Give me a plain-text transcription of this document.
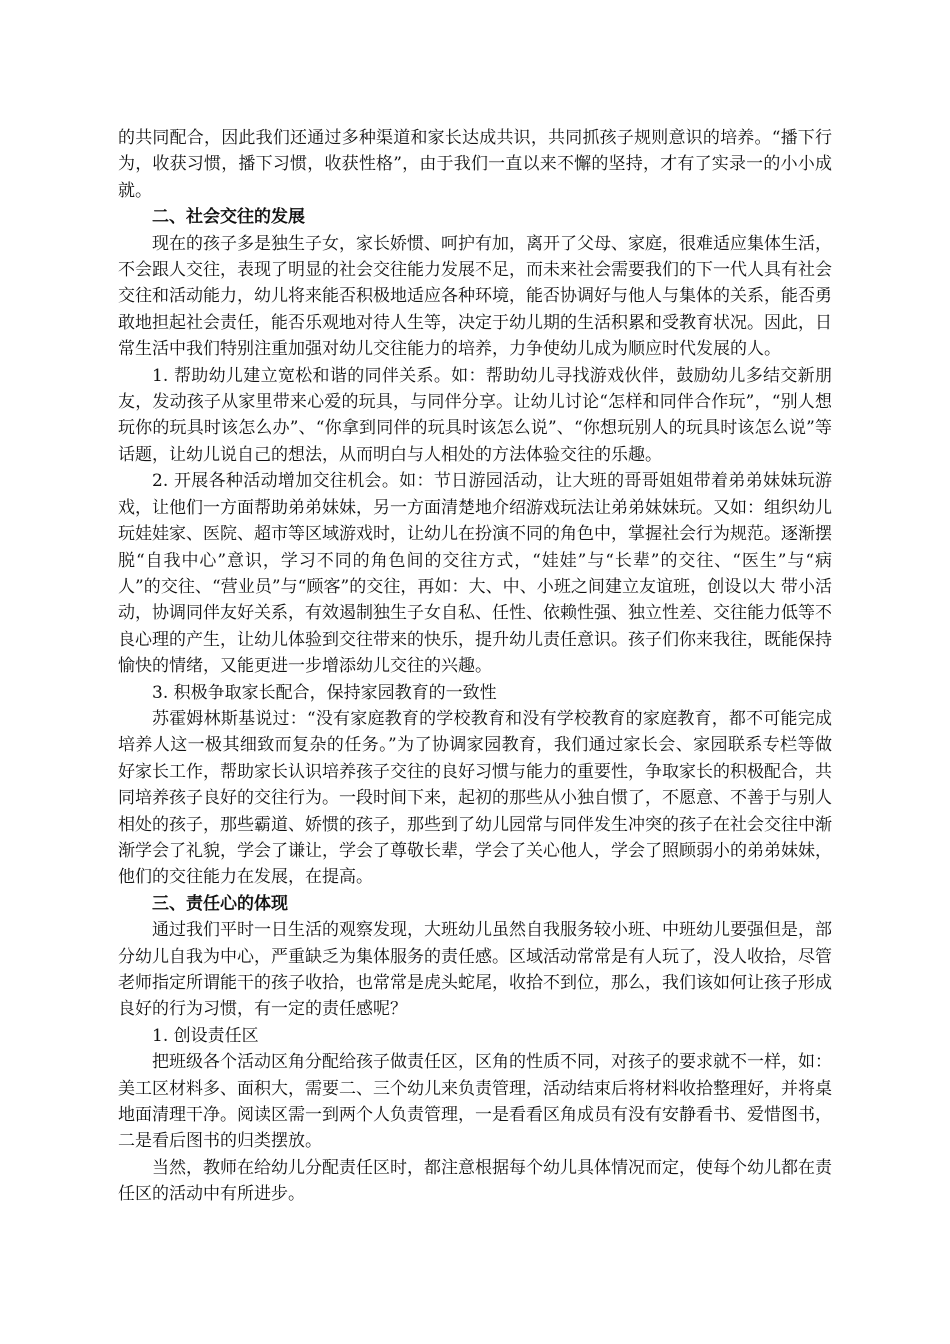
的共同配合，因此我们还通过多种渠道和家长达成共识，共同抓孩子规则意识的培养。“播下行为，收获习惯，播下习惯，收获性格”，由于我们一直以来不懈的坚持，才有了实录一的小小成就。

二、社会交往的发展

现在的孩子多是独生子女，家长娇惯、呵护有加，离开了父母、家庭，很难适应集体生活，不会跟人交往，表现了明显的社会交往能力发展不足，而未来社会需要我们的下一代人具有社会交往和活动能力，幼儿将来能否积极地适应各种环境，能否协调好与他人与集体的关系，能否勇敢地担起社会责任，能否乐观地对待人生等，决定于幼儿期的生活积累和受教育状况。因此，日常生活中我们特别注重加强对幼儿交往能力的培养，力争使幼儿成为顺应时代发展的人。

1. 帮助幼儿建立宽松和谐的同伴关系。如：帮助幼儿寻找游戏伙伴，鼓励幼儿多结交新朋友，发动孩子从家里带来心爱的玩具，与同伴分享。让幼儿讨论“怎样和同伴合作玩”，“别人想玩你的玩具时该怎么办”、“你拿到同伴的玩具时该怎么说”、“你想玩别人的玩具时该怎么说”等话题，让幼儿说自己的想法，从而明白与人相处的方法体验交往的乐趣。

2. 开展各种活动增加交往机会。如：节日游园活动，让大班的哥哥姐姐带着弟弟妹妹玩游戏，让他们一方面帮助弟弟妹妹，另一方面清楚地介绍游戏玩法让弟弟妹妹玩。又如：组织幼儿玩娃娃家、医院、超市等区域游戏时，让幼儿在扮演不同的角色中，掌握社会行为规范。逐渐摆脱“自我中心”意识，学习不同的角色间的交往方式，“娃娃”与“长辈”的交往、“医生”与“病人”的交往、“营业员”与“顾客”的交往，再如：大、中、小班之间建立友谊班，创设以大 带小活动，协调同伴友好关系，有效遏制独生子女自私、任性、依赖性强、独立性差、交往能力低等不良心理的产生，让幼儿体验到交往带来的快乐，提升幼儿责任意识。孩子们你来我往，既能保持愉快的情绪，又能更进一步增添幼儿交往的兴趣。

3. 积极争取家长配合，保持家园教育的一致性

苏霍姆林斯基说过：“没有家庭教育的学校教育和没有学校教育的家庭教育，都不可能完成培养人这一极其细致而复杂的任务。”为了协调家园教育，我们通过家长会、家园联系专栏等做好家长工作，帮助家长认识培养孩子交往的良好习惯与能力的重要性，争取家长的积极配合，共同培养孩子良好的交往行为。一段时间下来，起初的那些从小独自惯了，不愿意、不善于与别人相处的孩子，那些霸道、娇惯的孩子，那些到了幼儿园常与同伴发生冲突的孩子在社会交往中渐渐学会了礼貌，学会了谦让，学会了尊敬长辈，学会了关心他人，学会了照顾弱小的弟弟妹妹，他们的交往能力在发展，在提高。

三、责任心的体现

通过我们平时一日生活的观察发现，大班幼儿虽然自我服务较小班、中班幼儿要强但是，部分幼儿自我为中心，严重缺乏为集体服务的责任感。区域活动常常是有人玩了，没人收拾，尽管老师指定所谓能干的孩子收拾，也常常是虎头蛇尾，收拾不到位，那么，我们该如何让孩子形成良好的行为习惯，有一定的责任感呢？

1. 创设责任区

把班级各个活动区角分配给孩子做责任区，区角的性质不同，对孩子的要求就不一样，如：美工区材料多、面积大，需要二、三个幼儿来负责管理，活动结束后将材料收拾整理好，并将桌地面清理干净。阅读区需一到两个人负责管理，一是看看区角成员有没有安静看书、爱惜图书，二是看后图书的归类摆放。

当然，教师在给幼儿分配责任区时，都注意根据每个幼儿具体情况而定，使每个幼儿都在责任区的活动中有所进步。
